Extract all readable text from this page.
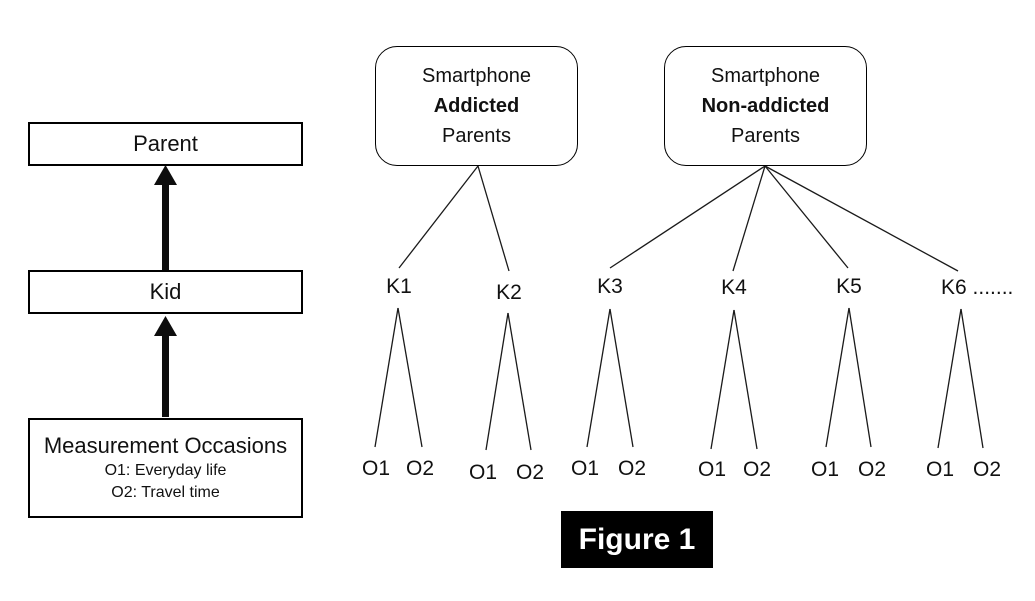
Parent
Kid
Measurement Occasions
O1: Everyday life
O2: Travel time
Smartphone
Addicted
Parents
Smartphone
Non-addicted
Parents
K1	K2	K3	K4	K5	K6 .......
O1 O2 O1 O2 O1 O2 O1 O2 O1 O2 O1 O2
Figure 1
